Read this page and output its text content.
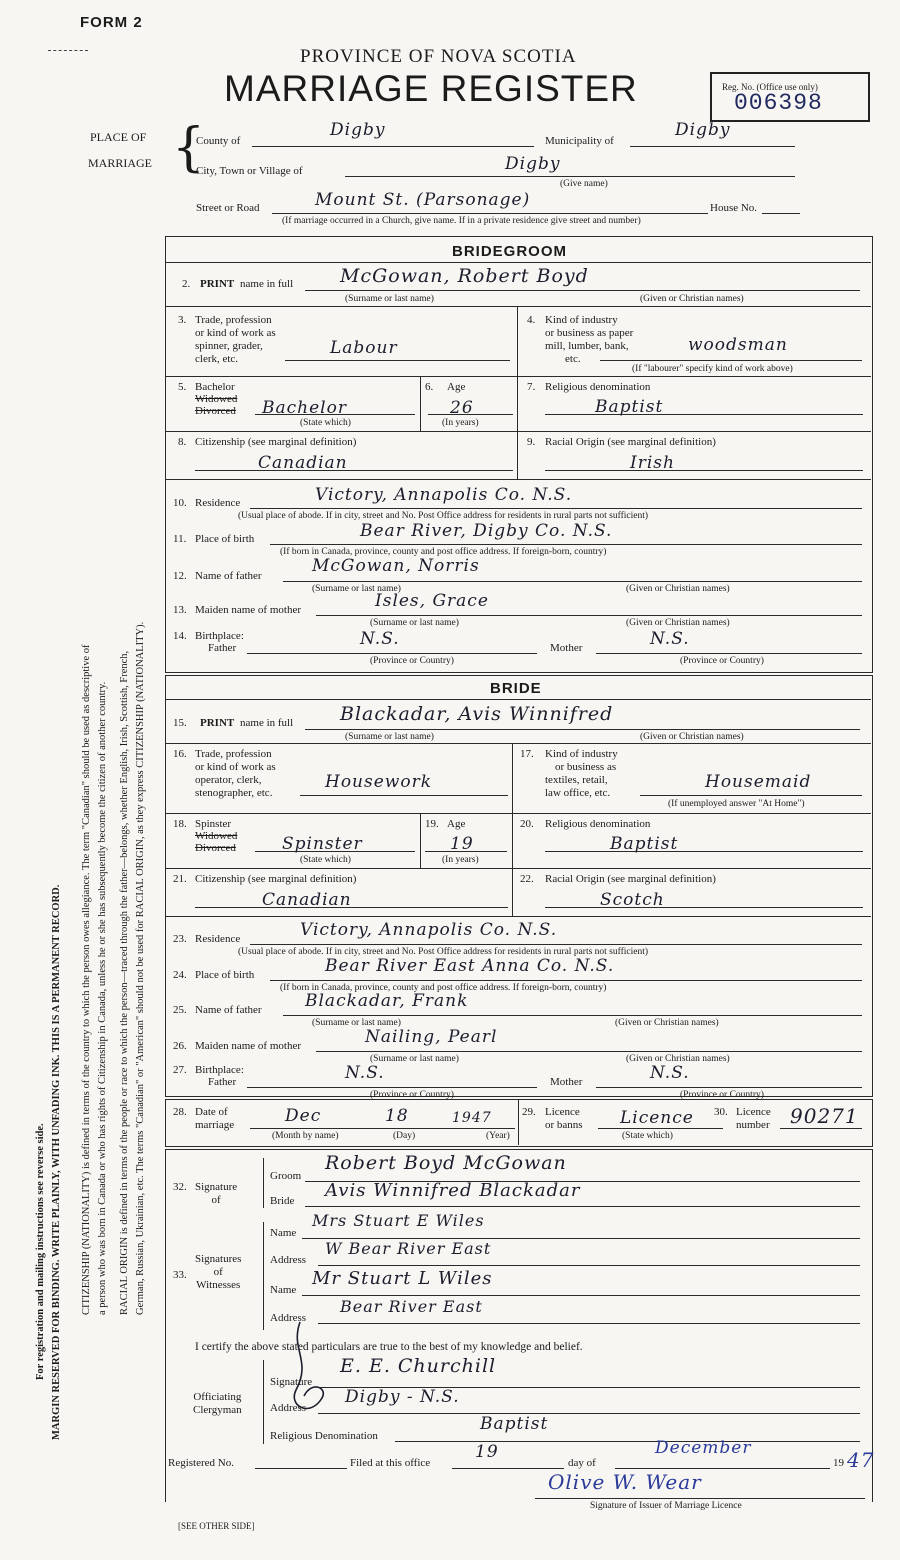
FORM 2
PROVINCE OF NOVA SCOTIA
MARRIAGE REGISTER	Reg. No. (Office use only)
006398
PLACE OF
MARRIAGE {
County of
Digby
Municipality of
Digby
City, Town or Village of	Digby
(Give name)
Street or Road	Mount St. (Parsonage)	House No.
(If marriage occurred in a Church, give name. If in a private residence give street and number)
MARGIN RESERVED FOR BINDING. WRITE PLAINLY, WITH UNFADING INK. THIS IS A PERMANENT RECORD.
For registration and mailing instructions see reverse side.	CITIZENSHIP (NATIONALITY) is defined in terms of the country to which the person owes allegiance. The term "Canadian" should be used as descriptive of a person who was born in Canada or who has rights of Citizenship in Canada, unless he or she has subsequently become the citizen of another country. RACIAL ORIGIN is defined in terms of the people or race to which the person—traced through the father—belongs, whether English, Irish, Scottish, French, German, Russian, Ukrainian, etc. The terms "Canadian" or "American" should not be used for RACIAL ORIGIN, as they express CITIZENSHIP (NATIONALITY).
BRIDEGROOM
2. PRINT name in full McGowan, Robert Boyd
(Surname or last name)	(Given or Christian names)
3. Trade, profession
or kind of work as
spinner, grader,
clerk, etc.
Labour
4. Kind of industry
or business as paper
mill, lumber, bank,
etc.
woodsman
(If "labourer" specify kind of work above)
5. Bachelor
Widowed
Divorced Bachelor
(State which)
6. Age
26
(In years)
7. Religious denomination
Baptist
8. Citizenship (see marginal definition)
Canadian
9. Racial Origin (see marginal definition)
Irish
10. Residence	Victory, Annapolis Co. N.S.
(Usual place of abode. If in city, street and No. Post Office address for residents in rural parts not sufficient)
11. Place of birth	Bear River, Digby Co. N.S.
(If born in Canada, province, county and post office address. If foreign-born, country)
12. Name of father	McGowan, Norris
(Surname or last name)	(Given or Christian names)
13. Maiden name of mother	Isles, Grace
(Surname or last name)	(Given or Christian names)
14. Birthplace:
Father	N.S.
(Province or Country)
Mother	N.S.
(Province or Country)
BRIDE
15. PRINT name in full Blackadar, Avis Winnifred
(Surname or last name)	(Given or Christian names)
16. Trade, profession
or kind of work as
operator, clerk,
stenographer, etc.
Housework
17. Kind of industry
or business as
textiles, retail,
law office, etc.
Housemaid
(If unemployed answer "At Home")
18. Spinster
Widowed
Divorced	Spinster
(State which)
19. Age
19
(In years)
20. Religious denomination
Baptist
21. Citizenship (see marginal definition)
Canadian
22. Racial Origin (see marginal definition)
Scotch
23. Residence	Victory, Annapolis Co. N.S.
(Usual place of abode. If in city, street and No. Post Office address for residents in rural parts not sufficient)
24. Place of birth	Bear River East Anna Co. N.S.
(If born in Canada, province, county and post office address. If foreign-born, country)
25. Name of father	Blackadar, Frank
(Surname or last name)	(Given or Christian names)
26. Maiden name of mother	Nailing, Pearl
(Surname or last name)	(Given or Christian names)
27. Birthplace:
Father	N.S.
(Province or Country)
Mother	N.S.
(Province or Country)
28. Date of
marriage	Dec	18	1947
(Month by name)	(Day)	(Year)
29. Licence
or banns Licence
(State which)
30. Licence
number 90271
32. Signature
of
Groom
Robert Boyd McGowan
Bride Avis Winnifred Blackadar
33.
Signatures
of
Witnesses
Name
Mrs Stuart E Wiles
Address
W Bear River East
Name
Mr Stuart L Wiles
Address
Bear River East
I certify the above stated particulars are true to the best of my knowledge and belief.
Officiating
Clergyman
Signature
E. E. Churchill
Address
Digby - N.S.
Religious Denomination
Baptist
Registered No.	Filed at this office
19
day of
December
19 47
Olive W. Wear
Signature of Issuer of Marriage Licence
[SEE OTHER SIDE]
